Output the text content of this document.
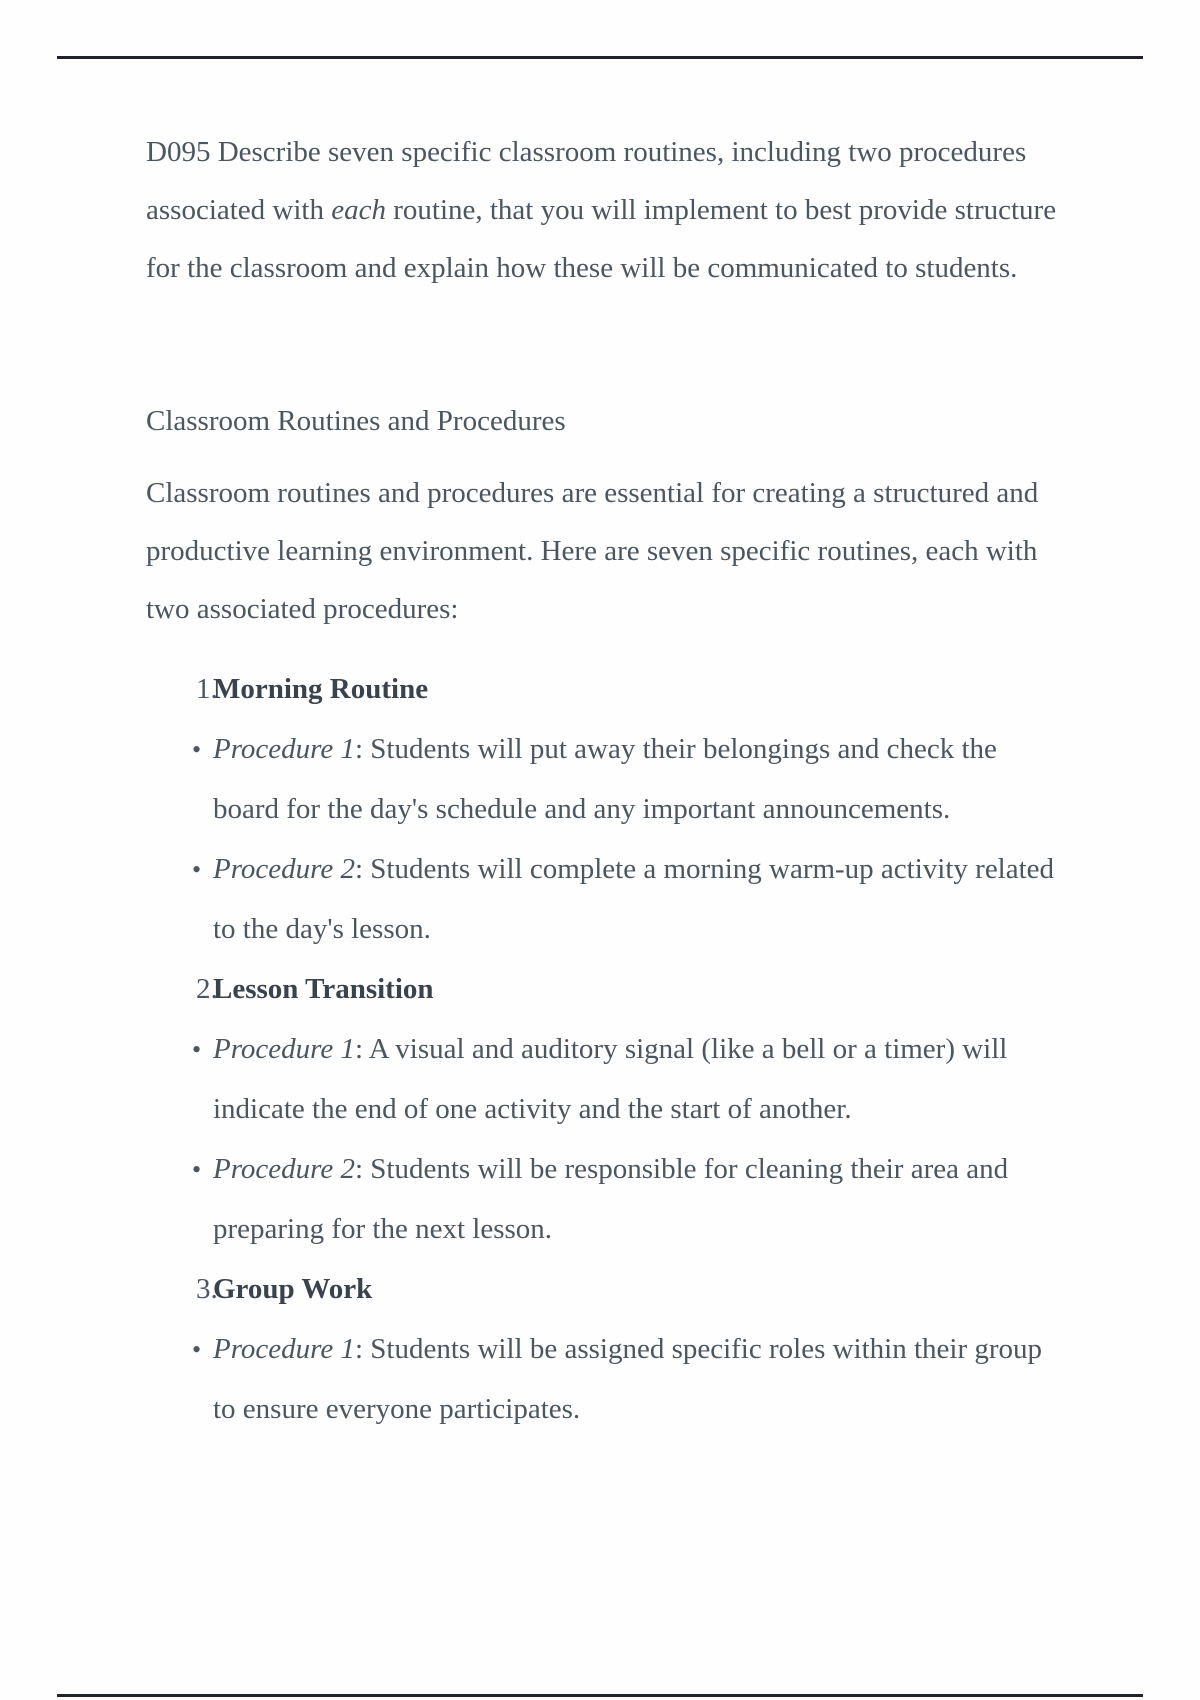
D095 Describe seven specific classroom routines, including two procedures associated with each routine, that you will implement to best provide structure for the classroom and explain how these will be communicated to students.

Classroom Routines and Procedures

Classroom routines and procedures are essential for creating a structured and productive learning environment. Here are seven specific routines, each with two associated procedures:

1.
Morning Routine
• Procedure 1: Students will put away their belongings and check the board for the day's schedule and any important announcements.
• Procedure 2: Students will complete a morning warm-up activity related to the day's lesson.
2.
Lesson Transition
• Procedure 1: A visual and auditory signal (like a bell or a timer) will indicate the end of one activity and the start of another.
• Procedure 2: Students will be responsible for cleaning their area and preparing for the next lesson.
3.
Group Work
• Procedure 1: Students will be assigned specific roles within their group to ensure everyone participates.
